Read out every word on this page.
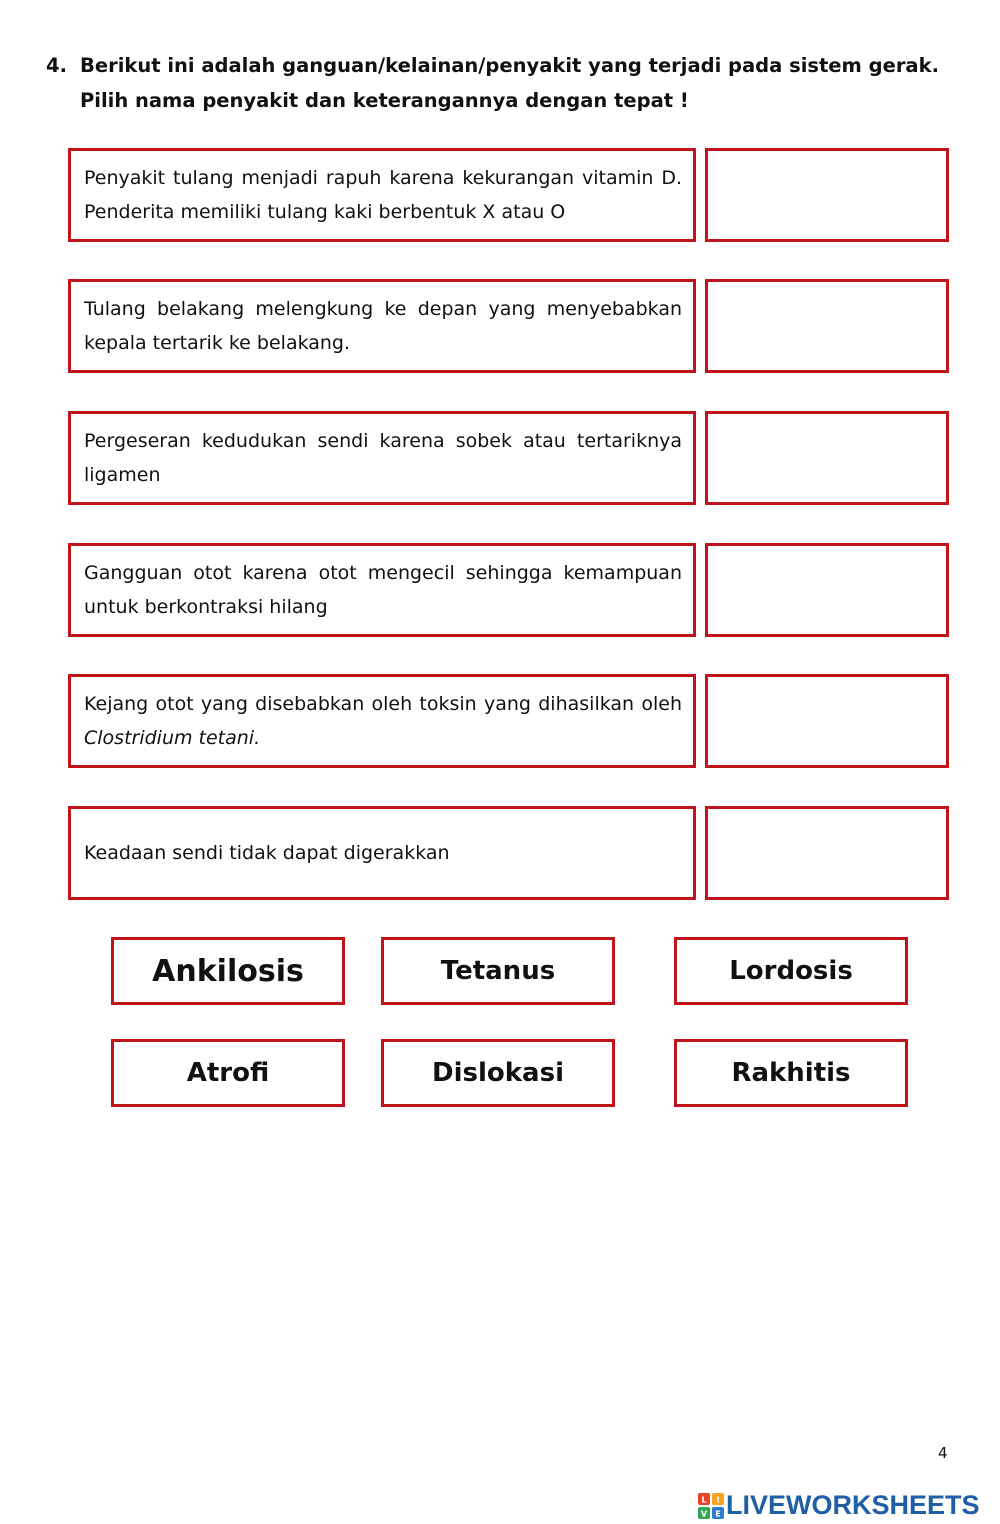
4. Berikut ini adalah ganguan/kelainan/penyakit yang terjadi pada sistem gerak.
Pilih nama penyakit dan keterangannya dengan tepat !
Penyakit tulang menjadi rapuh karena kekurangan vitamin D. Penderita memiliki tulang kaki berbentuk X atau O
Tulang belakang melengkung ke depan yang menyebabkan kepala tertarik ke belakang.
Pergeseran kedudukan sendi karena sobek atau tertariknya ligamen
Gangguan otot karena otot mengecil sehingga kemampuan untuk berkontraksi hilang
Kejang otot yang disebabkan oleh toksin yang dihasilkan oleh Clostridium tetani.
Keadaan sendi tidak dapat digerakkan
Ankilosis	Tetanus	Lordosis
Atrofi	Dislokasi	Rakhitis
4
L I
V E LIVEWORKSHEETS
